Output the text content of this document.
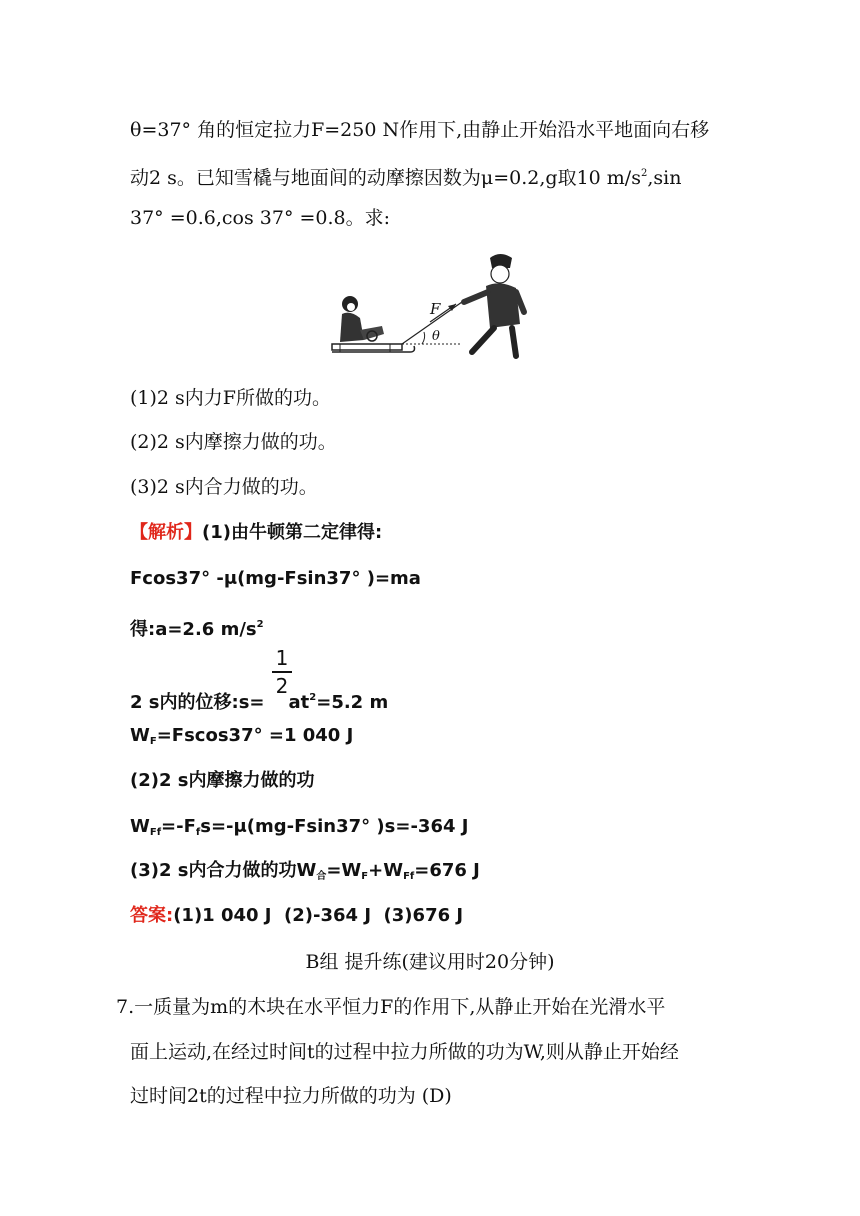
θ=37° 角的恒定拉力F=250 N作用下,由静止开始沿水平地面向右移
动2 s。已知雪橇与地面间的动摩擦因数为μ=0.2,g取10 $m/s^2,\sin$
37° =0.6,cos 37° =0.8。求:
F
θ
(1)2 s内力F所做的功。
(2)2 s内摩擦力做的功。
(3)2 s内合力做的功。
【解析】(1)由牛顿第二定律得:
Fcos37° -μ(mg-Fsin37° )=ma
得:a=2.6 $m/s^2$
1
2
2 s内的位移:s= $at^2=5.2$ m
$W_F=Fscos37^\circ =1$ 040 J
(2)2 s内摩擦力做的功
$W_{Ff}=-F_fs=-\mu(mg-Fsin37^\circ$ )s=-364 J
(3)2 s内合力做的功$W_合=W_F+W_{Ff}=676$ J
答案:(1)1 040 J  (2)-364 J  (3)676 J
B组 提升练(建议用时20分钟)
7.一质量为m的木块在水平恒力F的作用下,从静止开始在光滑水平
面上运动,在经过时间t的过程中拉力所做的功为W,则从静止开始经
过时间2t的过程中拉力所做的功为 (D)
